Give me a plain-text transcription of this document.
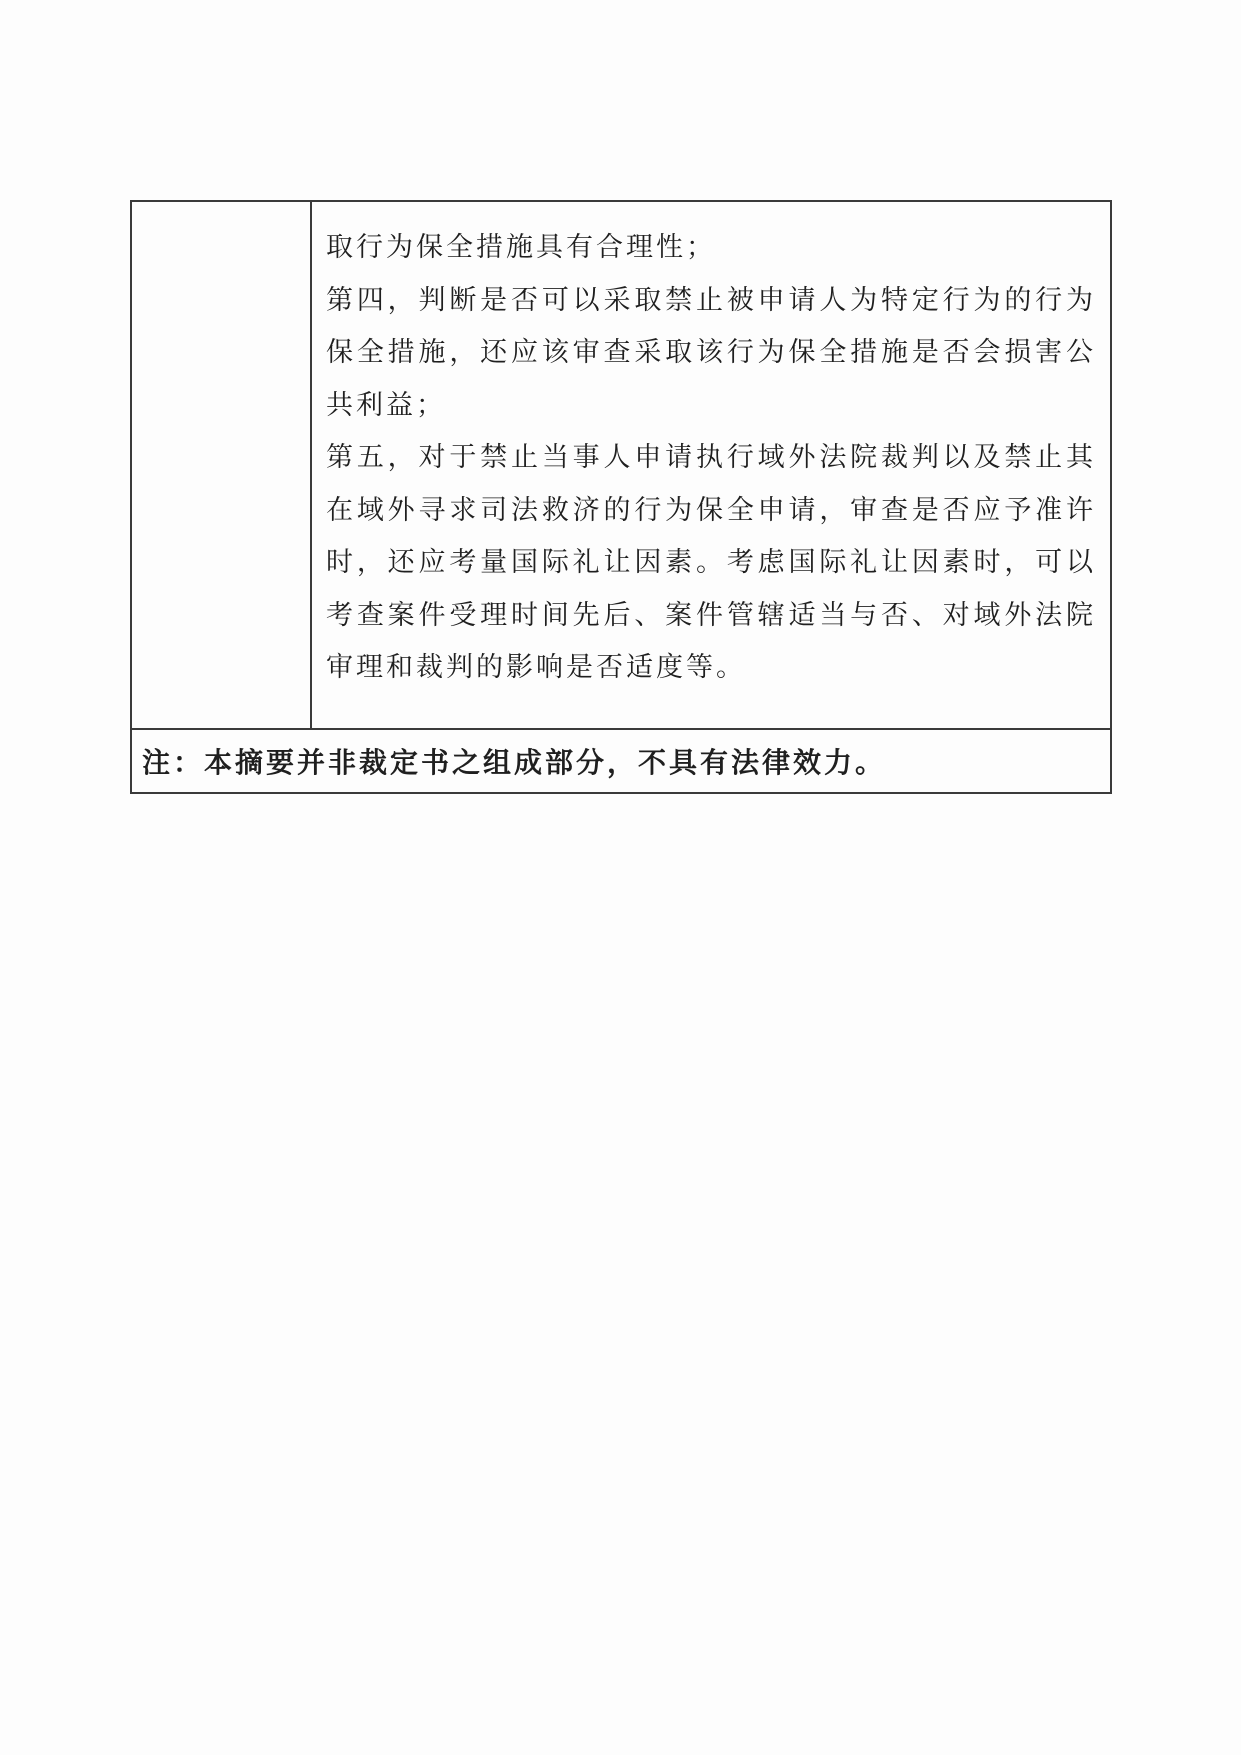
取行为保全措施具有合理性；

第四，判断是否可以采取禁止被申请人为特定行为的行为保全措施，还应该审查采取该行为保全措施是否会损害公共利益；

第五，对于禁止当事人申请执行域外法院裁判以及禁止其在域外寻求司法救济的行为保全申请，审查是否应予准许时，还应考量国际礼让因素。考虑国际礼让因素时，可以考查案件受理时间先后、案件管辖适当与否、对域外法院审理和裁判的影响是否适度等。

注：本摘要并非裁定书之组成部分，不具有法律效力。
